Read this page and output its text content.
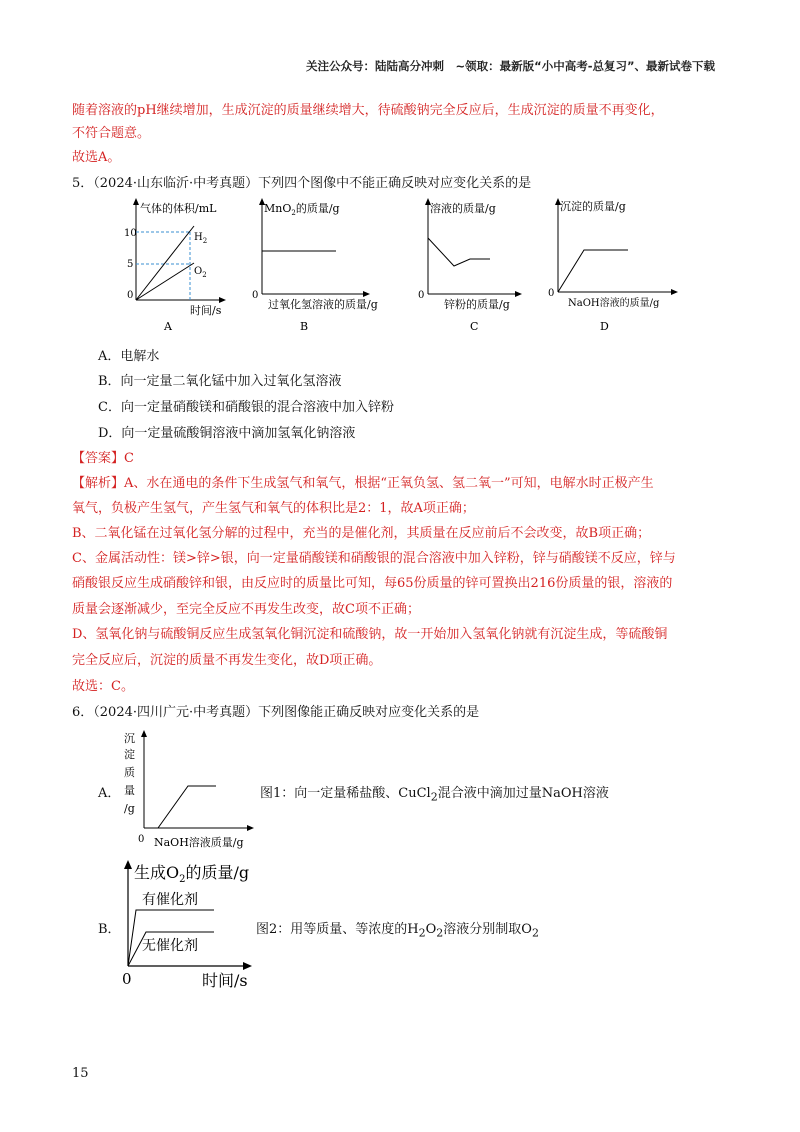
关注公众号：陆陆高分冲刺　~领取：最新版“小中高考-总复习”、最新试卷下载
随着溶液的pH继续增加，生成沉淀的质量继续增大，待硫酸钠完全反应后，生成沉淀的质量不再变化，
不符合题意。
故选A。
5．（2024·山东临沂·中考真题）下列四个图像中不能正确反映对应变化关系的是
气体的体积/mL
时间/s
10
5
0
$H_2$
$O_2$
A
MnO$_2$的质量/g
0
过氧化氢溶液的质量/g
B
溶液的质量/g
0
锌粉的质量/g
C
沉淀的质量/g
0
NaOH溶液的质量/g
D
A．电解水
B．向一定量二氧化锰中加入过氧化氢溶液
C．向一定量硝酸镁和硝酸银的混合溶液中加入锌粉
D．向一定量硫酸铜溶液中滴加氢氧化钠溶液
【答案】C
【解析】A、水在通电的条件下生成氢气和氧气，根据“正氧负氢、氢二氧一”可知，电解水时正极产生
氧气，负极产生氢气，产生氢气和氧气的体积比是2：1，故A项正确；
B、二氧化锰在过氧化氢分解的过程中，充当的是催化剂，其质量在反应前后不会改变，故B项正确；
C、金属活动性：镁>锌>银，向一定量硝酸镁和硝酸银的混合溶液中加入锌粉，锌与硝酸镁不反应，锌与
硝酸银反应生成硝酸锌和银，由反应时的质量比可知，每65份质量的锌可置换出216份质量的银，溶液的
质量会逐渐减少，至完全反应不再发生改变，故C项不正确；
D、氢氧化钠与硫酸铜反应生成氢氧化铜沉淀和硫酸钠，故一开始加入氢氧化钠就有沉淀生成，等硫酸铜
完全反应后，沉淀的质量不再发生变化，故D项正确。
故选：C。
6．（2024·四川广元·中考真题）下列图像能正确反映对应变化关系的是
A．
沉
淀
质
量
/g
0 NaOH溶液质量/g
图1：向一定量稀盐酸、CuCl$_2$混合液中滴加过量NaOH溶液
B．
生成$O_2$的质量/g
有催化剂
无催化剂
0	时间/s
图2：用等质量、等浓度的$H_2O_2$溶液分别制取$O_2$
15
